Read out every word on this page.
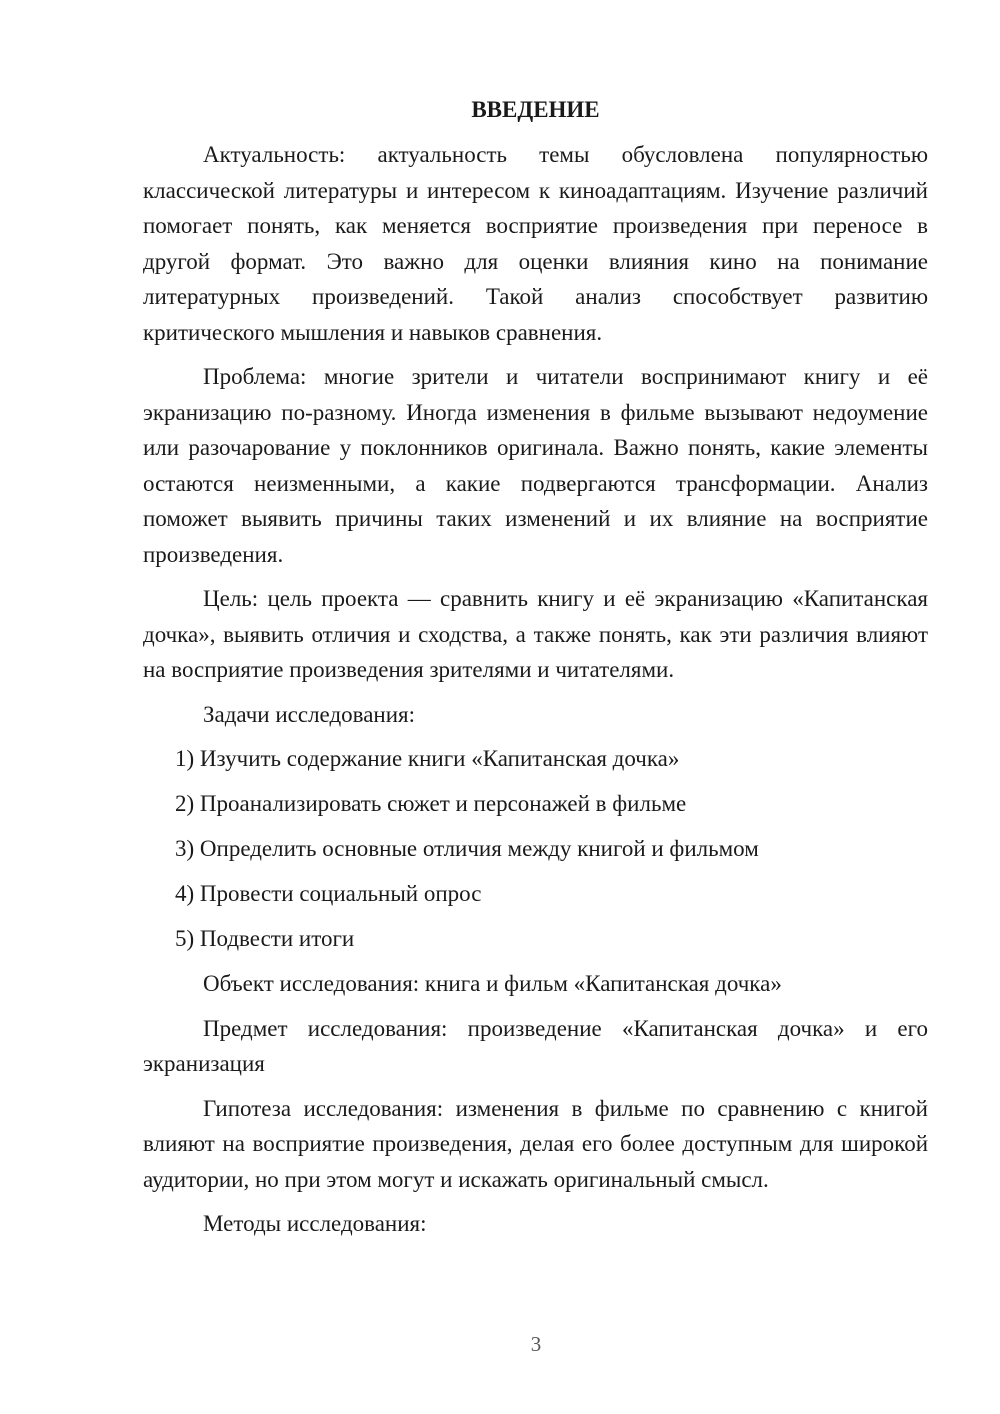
ВВЕДЕНИЕ

Актуальность: актуальность темы обусловлена популярностью классической литературы и интересом к киноадаптациям. Изучение различий помогает понять, как меняется восприятие произведения при переносе в другой формат. Это важно для оценки влияния кино на понимание литературных произведений. Такой анализ способствует развитию критического мышления и навыков сравнения.

Проблема: многие зрители и читатели воспринимают книгу и её экранизацию по-разному. Иногда изменения в фильме вызывают недоумение или разочарование у поклонников оригинала. Важно понять, какие элементы остаются неизменными, а какие подвергаются трансформации. Анализ поможет выявить причины таких изменений и их влияние на восприятие произведения.

Цель: цель проекта — сравнить книгу и её экранизацию «Капитанская дочка», выявить отличия и сходства, а также понять, как эти различия влияют на восприятие произведения зрителями и читателями.

Задачи исследования:

1) Изучить содержание книги «Капитанская дочка»
2) Проанализировать сюжет и персонажей в фильме
3) Определить основные отличия между книгой и фильмом
4) Провести социальный опрос
5) Подвести итоги

Объект исследования: книга и фильм «Капитанская дочка»

Предмет исследования: произведение «Капитанская дочка» и его экранизация

Гипотеза исследования: изменения в фильме по сравнению с книгой влияют на восприятие произведения, делая его более доступным для широкой аудитории, но при этом могут и искажать оригинальный смысл.

Методы исследования:

3
